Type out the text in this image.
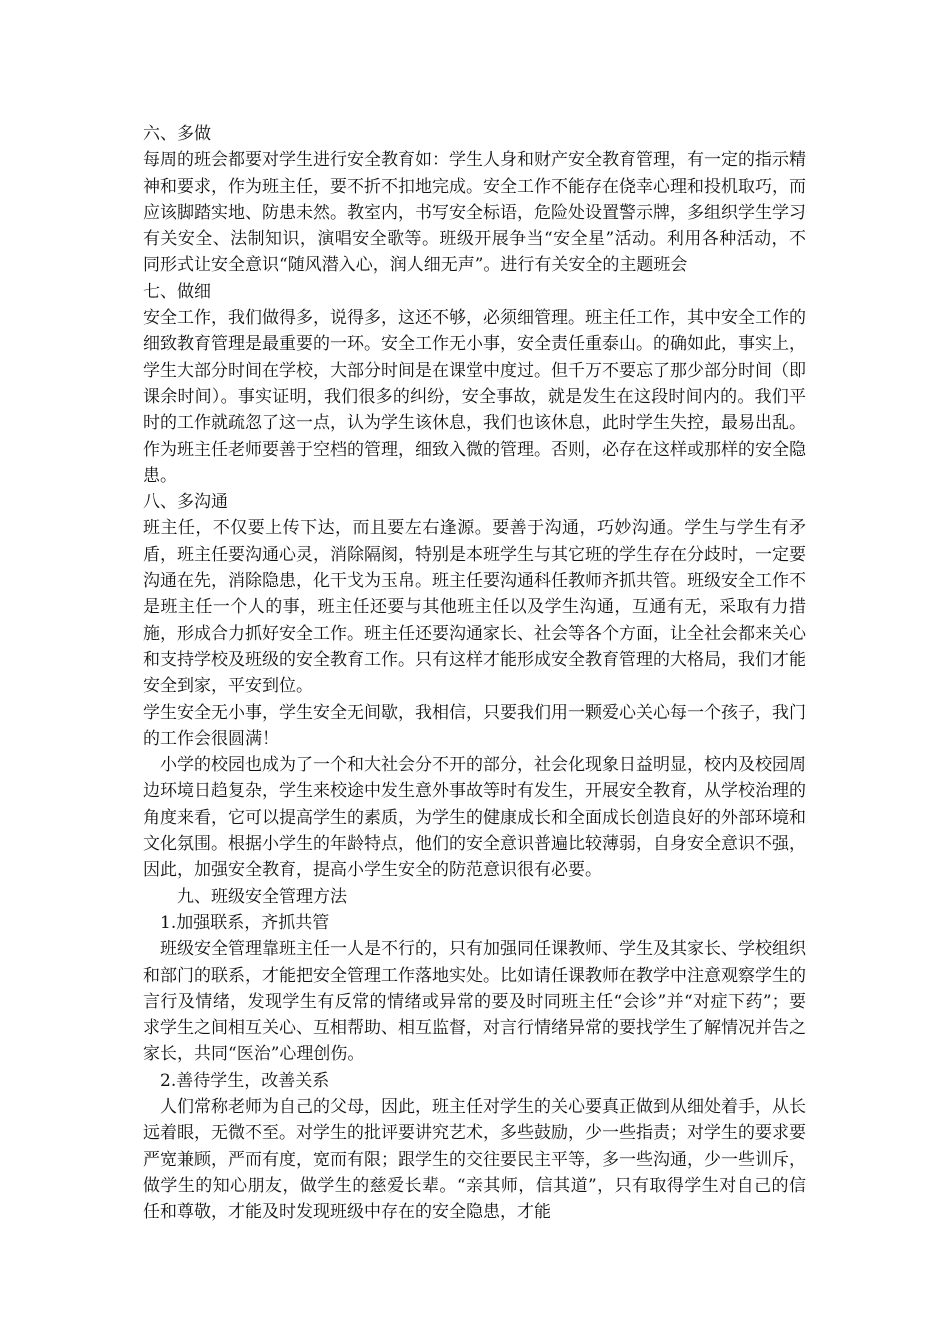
六、多做

每周的班会都要对学生进行安全教育如：学生人身和财产安全教育管理，有一定的指示精神和要求，作为班主任，要不折不扣地完成。安全工作不能存在侥幸心理和投机取巧，而应该脚踏实地、防患未然。教室内，书写安全标语，危险处设置警示牌，多组织学生学习有关安全、法制知识，演唱安全歌等。班级开展争当“安全星”活动。利用各种活动，不同形式让安全意识“随风潜入心，润人细无声”。进行有关安全的主题班会

七、做细

安全工作，我们做得多，说得多，这还不够，必须细管理。班主任工作，其中安全工作的细致教育管理是最重要的一环。安全工作无小事，安全责任重泰山。的确如此，事实上，学生大部分时间在学校，大部分时间是在课堂中度过。但千万不要忘了那少部分时间（即课余时间）。事实证明，我们很多的纠纷，安全事故，就是发生在这段时间内的。我们平时的工作就疏忽了这一点，认为学生该休息，我们也该休息，此时学生失控，最易出乱。作为班主任老师要善于空档的管理，细致入微的管理。否则，必存在这样或那样的安全隐患。

八、多沟通

班主任，不仅要上传下达，而且要左右逢源。要善于沟通，巧妙沟通。学生与学生有矛盾，班主任要沟通心灵，消除隔阂，特别是本班学生与其它班的学生存在分歧时，一定要沟通在先，消除隐患，化干戈为玉帛。班主任要沟通科任教师齐抓共管。班级安全工作不是班主任一个人的事，班主任还要与其他班主任以及学生沟通，互通有无，采取有力措施，形成合力抓好安全工作。班主任还要沟通家长、社会等各个方面，让全社会都来关心和支持学校及班级的安全教育工作。只有这样才能形成安全教育管理的大格局，我们才能安全到家，平安到位。

学生安全无小事，学生安全无间歇，我相信，只要我们用一颗爱心关心每一个孩子，我门的工作会很圆满！

小学的校园也成为了一个和大社会分不开的部分，社会化现象日益明显，校内及校园周边环境日趋复杂，学生来校途中发生意外事故等时有发生，开展安全教育，从学校治理的角度来看，它可以提高学生的素质，为学生的健康成长和全面成长创造良好的外部环境和文化氛围。根据小学生的年龄特点，他们的安全意识普遍比较薄弱，自身安全意识不强，因此，加强安全教育，提高小学生安全的防范意识很有必要。

九、班级安全管理方法

1.加强联系，齐抓共管

班级安全管理靠班主任一人是不行的，只有加强同任课教师、学生及其家长、学校组织和部门的联系，才能把安全管理工作落地实处。比如请任课教师在教学中注意观察学生的言行及情绪，发现学生有反常的情绪或异常的要及时同班主任“会诊”并“对症下药”；要求学生之间相互关心、互相帮助、相互监督，对言行情绪异常的要找学生了解情况并告之家长，共同“医治”心理创伤。

2.善待学生，改善关系

人们常称老师为自己的父母，因此，班主任对学生的关心要真正做到从细处着手，从长远着眼，无微不至。对学生的批评要讲究艺术，多些鼓励，少一些指责；对学生的要求要严宽兼顾，严而有度，宽而有限；跟学生的交往要民主平等，多一些沟通，少一些训斥，做学生的知心朋友，做学生的慈爱长辈。“亲其师，信其道”，只有取得学生对自己的信任和尊敬，才能及时发现班级中存在的安全隐患，才能
